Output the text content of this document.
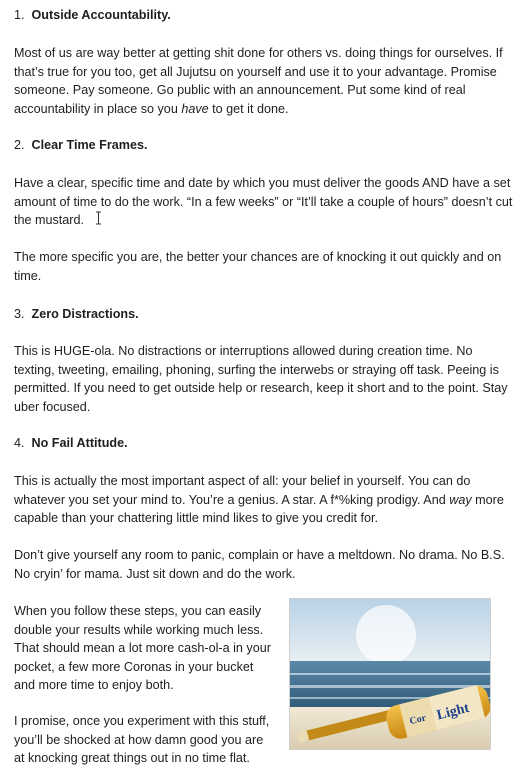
1. Outside Accountability.

Most of us are way better at getting shit done for others vs. doing things for ourselves. If that’s true for you too, get all Jujutsu on yourself and use it to your advantage. Promise someone. Pay someone. Go public with an announcement. Put some kind of real accountability in place so you have to get it done.

2. Clear Time Frames.

Have a clear, specific time and date by which you must deliver the goods AND have a set amount of time to do the work. “In a few weeks” or “It’ll take a couple of hours” doesn’t cut the mustard.

The more specific you are, the better your chances are of knocking it out quickly and on time.

3. Zero Distractions.

This is HUGE-ola. No distractions or interruptions allowed during creation time. No texting, tweeting, emailing, phoning, surfing the interwebs or straying off task. Peeing is permitted. If you need to get outside help or research, keep it short and to the point. Stay uber focused.

4. No Fail Attitude.

This is actually the most important aspect of all: your belief in yourself. You can do whatever you set your mind to. You’re a genius. A star. A f*%king prodigy. And way more capable than your chattering little mind likes to give you credit for.

Don’t give yourself any room to panic, complain or have a meltdown. No drama. No B.S. No cryin’ for mama. Just sit down and do the work.

When you follow these steps, you can easily double your results while working much less. That should mean a lot more cash-ol-a in your pocket, a few more Coronas in your bucket and more time to enjoy both.

I promise, once you experiment with this stuff, you’ll be shocked at how damn good you are at knocking great things out in no time flat.

Cor Light
